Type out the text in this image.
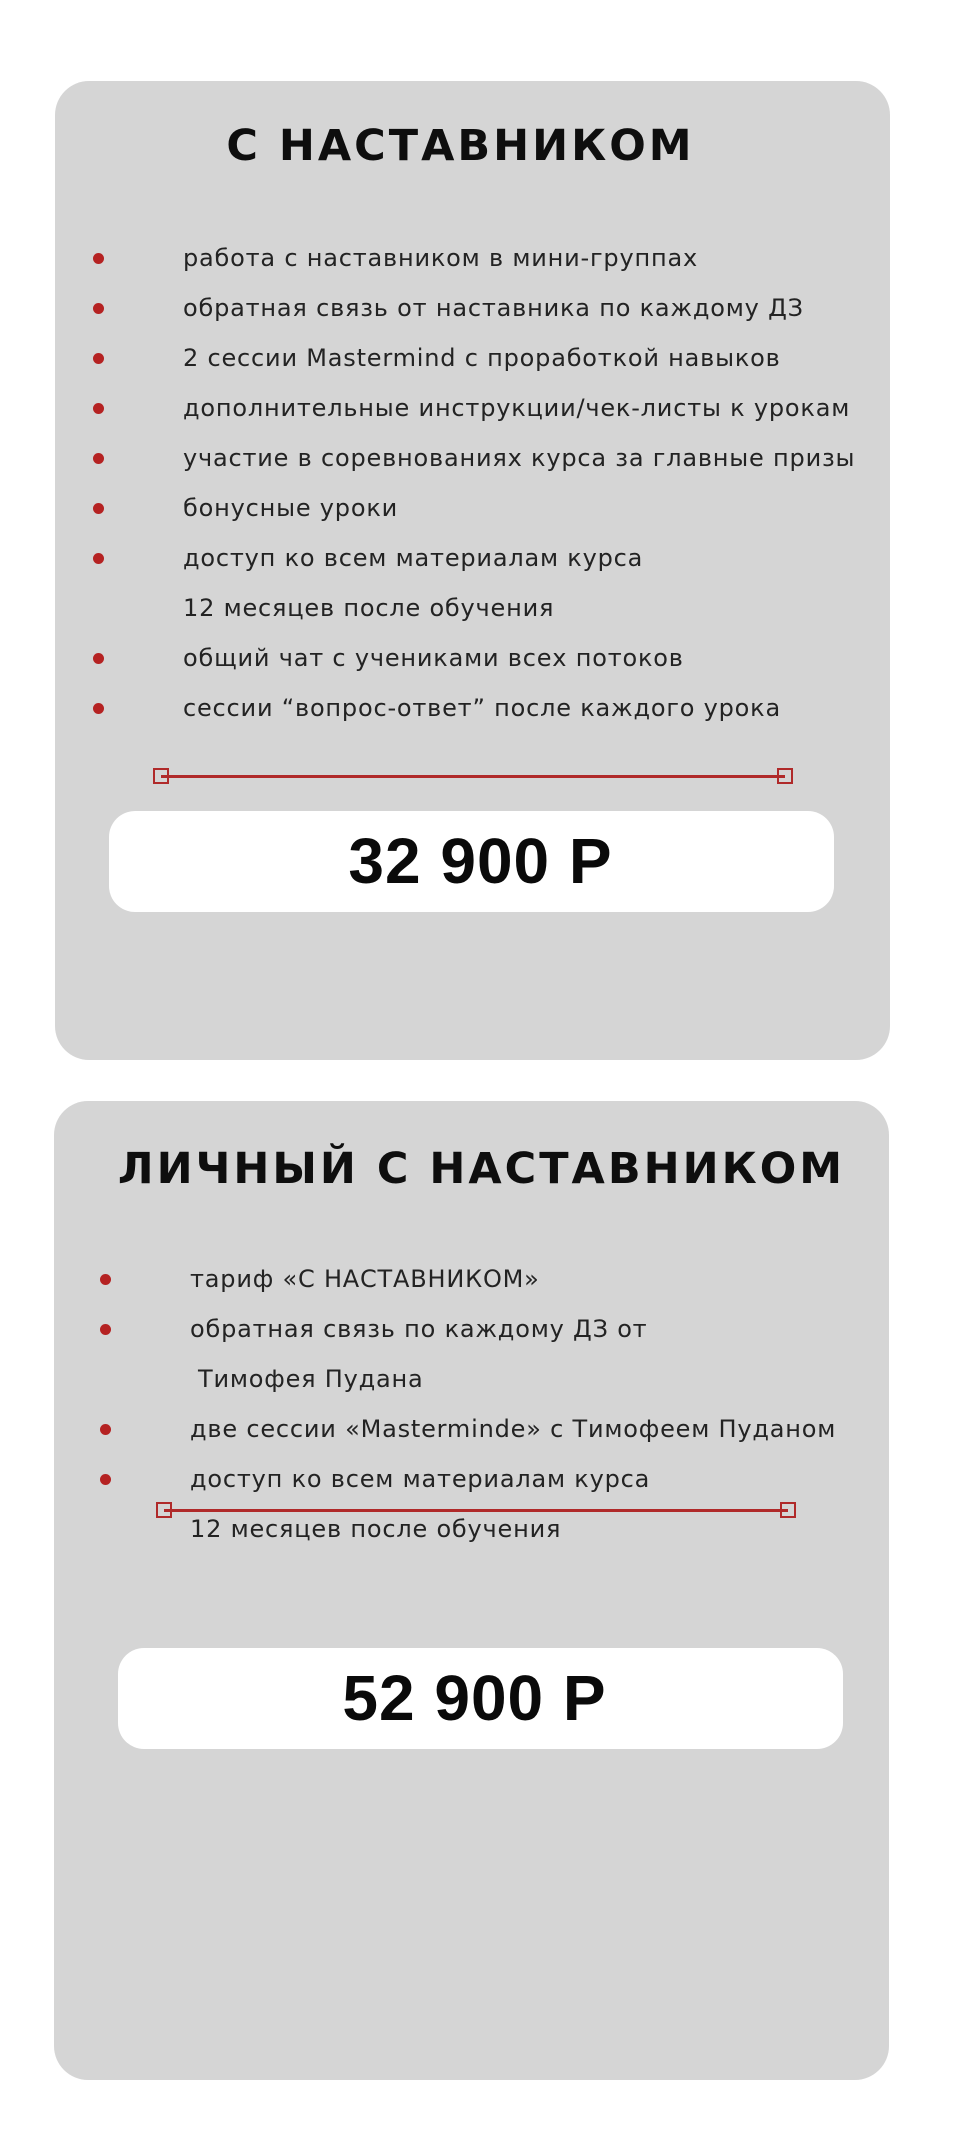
С НАСТАВНИКОМ
работа с наставником в мини-группах
обратная связь от наставника по каждому ДЗ
2 сессии Mastermind с проработкой навыков
дополнительные инструкции/чек-листы к урокам
участие в соревнованиях курса за главные призы
бонусные уроки
доступ ко всем материалам курса
12 месяцев после обучения
общий чат с учениками всех потоков
сессии “вопрос-ответ” после каждого урока
32 900 Р
ЛИЧНЫЙ С НАСТАВНИКОМ
тариф «С НАСТАВНИКОМ»
обратная связь по каждому ДЗ от
Тимофея Пудана
две сессии «Masterminde» с Тимофеем Пуданом
доступ ко всем материалам курса
12 месяцев после обучения
52 900 Р
